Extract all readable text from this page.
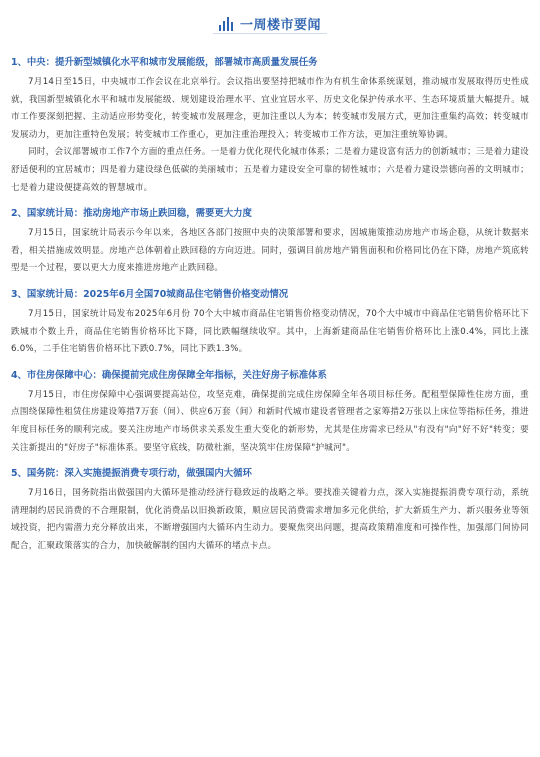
一周楼市要闻
1、中央：提升新型城镇化水平和城市发展能级，部署城市高质量发展任务

7月14日至15日，中央城市工作会议在北京举行。会议指出要坚持把城市作为有机生命体系统谋划，推动城市发展取得历史性成就，我国新型城镇化水平和城市发展能级、规划建设治理水平、宜业宜居水平、历史文化保护传承水平、生态环境质量大幅提升。城市工作要深刻把握、主动适应形势变化，转变城市发展理念，更加注重以人为本；转变城市发展方式，更加注重集约高效；转变城市发展动力，更加注重特色发展；转变城市工作重心，更加注重治理投入；转变城市工作方法，更加注重统筹协调。

同时，会议部署城市工作7个方面的重点任务。一是着力优化现代化城市体系；二是着力建设富有活力的创新城市；三是着力建设舒适便利的宜居城市；四是着力建设绿色低碳的美丽城市；五是着力建设安全可靠的韧性城市；六是着力建设崇德向善的文明城市；七是着力建设便捷高效的智慧城市。

2、国家统计局：推动房地产市场止跌回稳，需要更大力度

7月15日，国家统计局表示今年以来，各地区各部门按照中央的决策部署和要求，因城施策推动房地产市场企稳，从统计数据来看，相关措施成效明显。房地产总体朝着止跌回稳的方向迈进。同时，强调目前房地产销售面积和价格同比仍在下降，房地产筑底转型是一个过程，要以更大力度来推进房地产止跌回稳。

3、国家统计局：2025年6月全国70城商品住宅销售价格变动情况

7月15日，国家统计局发布2025年6月份 70个大中城市商品住宅销售价格变动情况，70个大中城市中商品住宅销售价格环比下跌城市个数上升，商品住宅销售价格环比下降，同比跌幅继续收窄。其中，上海新建商品住宅销售价格环比上涨0.4%，同比上涨6.0%，二手住宅销售价格环比下跌0.7%，同比下跌1.3%。

4、市住房保障中心：确保提前完成住房保障全年指标，关注好房子标准体系

7月15日，市住房保障中心强调要提高站位，攻坚克难，确保提前完成住房保障全年各项目标任务。配租型保障性住房方面，重点围绕保障性租赁住房建设筹措7万套（间）、供应6万套（间）和新时代城市建设者管理者之家筹措2万张以上床位等指标任务，推进年度目标任务的顺利完成。要关注房地产市场供求关系发生重大变化的新形势，尤其是住房需求已经从"有没有"向"好不好"转变；要关注新提出的"好房子"标准体系。要坚守底线，防微杜渐，坚决筑牢住房保障"护城河"。

5、国务院：深入实施提振消费专项行动，做强国内大循环

7月16日，国务院指出做强国内大循环是推动经济行稳致远的战略之举。要找准关键着力点，深入实施提振消费专项行动，系统清理制约居民消费的不合理限制，优化消费品以旧换新政策，顺应居民消费需求增加多元化供给，扩大新质生产力、新兴服务业等领域投资，把内需潜力充分释放出来，不断增强国内大循环内生动力。要聚焦突出问题，提高政策精准度和可操作性，加强部门间协同配合，汇聚政策落实的合力，加快破解制约国内大循环的堵点卡点。
